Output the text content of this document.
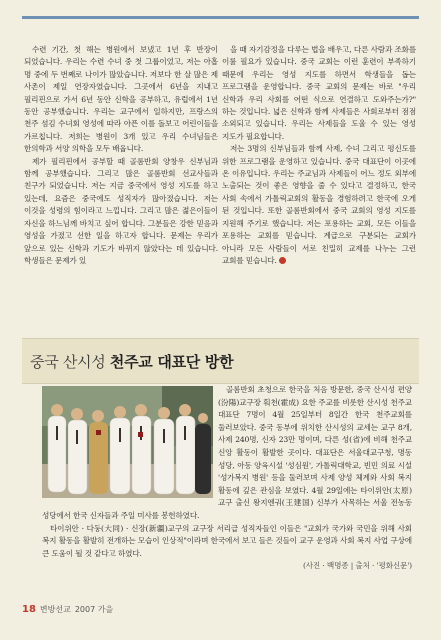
수련 기간, 첫 해는 병원에서 보냈고 1년 후 반장이 되었습니다. 우리는 수련 수녀 중 첫 그룹이었고, 저는 아홉 명 중에 두 번째로 나이가 많았습니다. 저보다 한 살 많은 제 사촌이 제일 연장자였습니다. 그곳에서 6년을 지내고 필리핀으로 가서 6년 동안 신학을 공부하고, 유럽에서 1년 동안 공부했습니다. 우리는 교구에서 일하지만, 프랑스의 천주 섬김 수녀회 영성에 따라 아픈 이를 돌보고 어린이들을 가르칩니다. 저희는 병원이 3개 있고 우리 수녀님들은 한의학과 서양 의학을 모두 배웁니다.

제가 필리핀에서 공부할 때 골롬반회 양창우 신부님과 함께 공부했습니다. 그리고 많은 골롬반회 선교사들과 친구가 되었습니다. 저는 지금 중국에서 영성 지도를 하고 있는데, 요즘은 중국에도 성직자가 많아졌습니다. 저는 이것을 성령의 힘이라고 느낍니다. 그리고 많은 젊은이들이 자신을 하느님께 바치고 싶어 합니다. 그분들은 강한 믿음과 영성을 가졌고 선한 일을 하고자 합니다. 문제는 우리가 앞으로 있는 신학과 기도가 바뀌지 않았다는 데 있습니다. 학생들은 문제가 있

을 때 자기감정을 다루는 법을 배우고, 다른 사람과 조화를 이룰 필요가 있습니다. 중국 교회는 이런 훈련이 부족하기 때문에 우리는 영성 지도를 하면서 학생들을 돕는 프로그램을 운영합니다. 중국 교회의 문제는 바로 "우리 신학과 우리 사회를 어떤 식으로 연결하고 도와주는가?" 하는 것입니다. 넓은 신학과 함께 사제들은 사회로부터 점점 소외되고 있습니다. 우리는 사제들을 도울 수 있는 영성 지도가 필요합니다.

저는 3명의 신부님들과 함께 사제, 수녀 그리고 평신도를 위한 프로그램을 운영하고 있습니다. 중국 대표단이 이곳에 온 이유입니다. 우리는 주교님과 사제들이 어느 정도 외부에 노출되는 것이 좋은 영향을 줄 수 있다고 결정하고, 한국 사회 속에서 가톨릭교회의 활동을 경험하려고 한국에 오게 된 것입니다. 또한 골롬반회에서 중국 교회의 영성 지도를 지원해 주기로 했습니다. 저는 포용하는 교회, 모든 이들을 포용하는 교회를 믿습니다. 계급으로 구분되는 교회가 아니라 모든 사람들이 서로 친밀히 교제를 나누는 그런 교회를 믿습니다.

중국 산시성 천주교 대표단 방한

골롬반회 초청으로 한국을 처음 방문한, 중국 산시성 편양(汾陽)교구장 훠천(霍成) 요한 주교를 비롯한 산시성 천주교 대표단 7명이 4월 25일부터 8일간 한국 천주교회를 둘러보았다. 중국 동부에 위치한 산시성의 교세는 교구 8개, 사제 240명, 신자 23만 명이며, 다른 성(省)에 비해 천주교 신앙 활동이 활발한 곳이다. 대표단은 서울대교구청, 명동 성당, 아동 양육시설 '성심원', 가톨릭대학교, 빈민 의료 시설 '성가복지 병원' 등을 둘러보며 사제 양성 체계와 사회 복지 활동에 깊은 관심을 보였다. 4월 29일에는 타이위안(太原)교구 출신 왕지엔궈(王建国) 신부가 사목하는 서울 전농동 성당에서 한국 신자들과 주일 미사를 봉헌하였다.

타이위안 · 다둥(大同) · 신장(新疆)교구의 교구장 서리급 성직자들인 이들은 "교회가 국가와 국민을 위해 사회 복지 활동을 활발히 전개하는 모습이 인상적"이라며 한국에서 보고 들은 것들이 교구 운영과 사회 복지 사업 구상에 큰 도움이 될 것 같다고 하였다.

(사진 · 백명종 | 출처 · '평화신문')

18 변방선교 2007 가을
